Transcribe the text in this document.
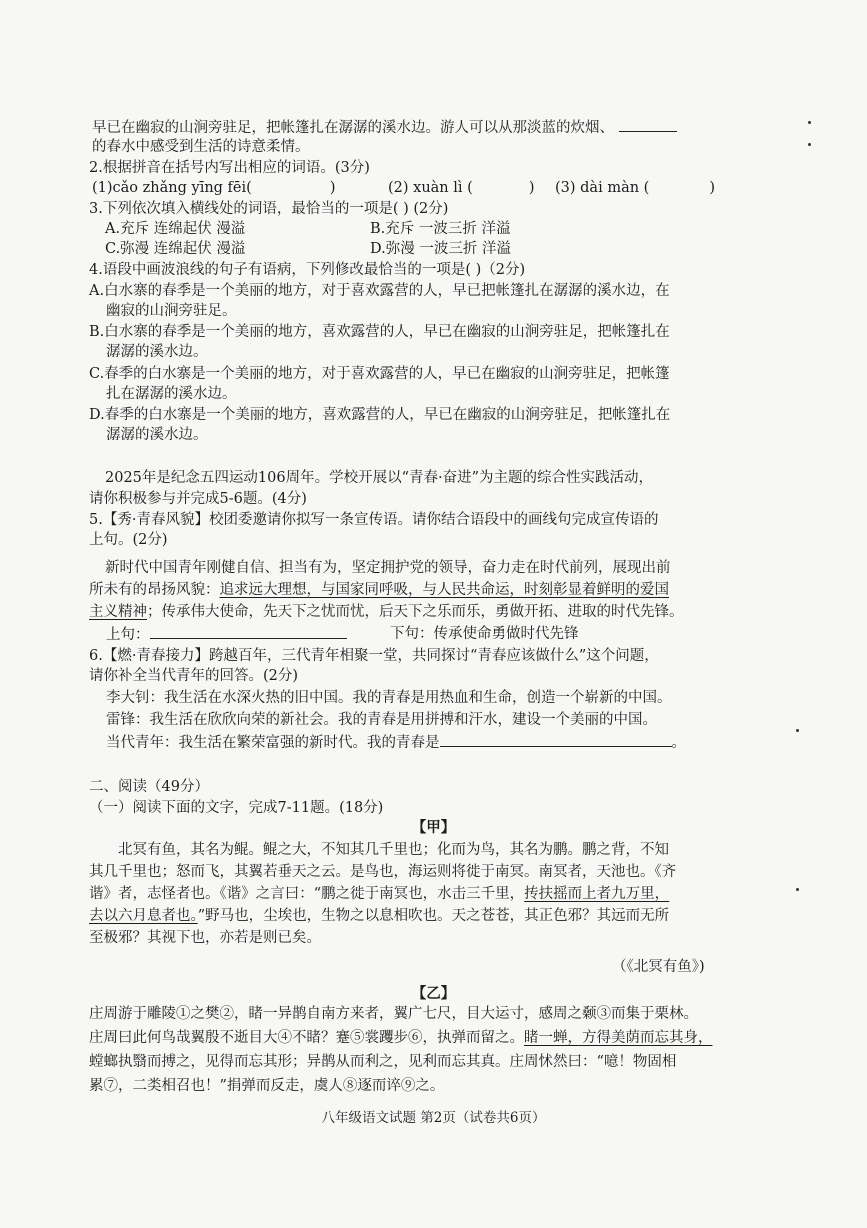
早已在幽寂的山涧旁驻足，把帐篷扎在潺潺的溪水边。游人可以从那淡蓝的炊烟、
的春水中感受到生活的诗意柔情。
2.根据拼音在括号内写出相应的词语。(3分)
(1)cǎo zhǎng yīng fēi(	)	(2) xuàn lì (	) (3) dài màn (	)
3.下列依次填入横线处的词语，最恰当的一项是( ) (2分)
A.充斥 连绵起伏 漫溢	B.充斥 一波三折 洋溢
C.弥漫 连绵起伏 漫溢	D.弥漫 一波三折 洋溢
4.语段中画波浪线的句子有语病，下列修改最恰当的一项是( )（2分)
A.白水寨的春季是一个美丽的地方，对于喜欢露营的人，早已把帐篷扎在潺潺的溪水边，在
幽寂的山涧旁驻足。
B.白水寨的春季是一个美丽的地方，喜欢露营的人，早已在幽寂的山涧旁驻足，把帐篷扎在
潺潺的溪水边。
C.春季的白水寨是一个美丽的地方，对于喜欢露营的人，早已在幽寂的山涧旁驻足，把帐篷
扎在潺潺的溪水边。
D.春季的白水寨是一个美丽的地方，喜欢露营的人，早已在幽寂的山涧旁驻足，把帐篷扎在
潺潺的溪水边。
2025年是纪念五四运动106周年。学校开展以“青春·奋进”为主题的综合性实践活动，
请你积极参与并完成5-6题。(4分)
5.【秀·青春风貌】校团委邀请你拟写一条宣传语。请你结合语段中的画线句完成宣传语的
上句。(2分)
新时代中国青年刚健自信、担当有为，坚定拥护党的领导，奋力走在时代前列，展现出前
所未有的昂扬风貌：追求远大理想，与国家同呼吸，与人民共命运，时刻彰显着鲜明的爱国
主义精神；传承伟大使命，先天下之忧而忧，后天下之乐而乐，勇做开拓、进取的时代先锋。
上句：	下句：传承使命勇做时代先锋
6.【燃·青春接力】跨越百年，三代青年相聚一堂，共同探讨“青春应该做什么”这个问题，
请你补全当代青年的回答。(2分)
李大钊：我生活在水深火热的旧中国。我的青春是用热血和生命，创造一个崭新的中国。
雷锋：我生活在欣欣向荣的新社会。我的青春是用拼搏和汗水，建设一个美丽的中国。
当代青年：我生活在繁荣富强的新时代。我的青春是	。
二、阅读（49分）
（一）阅读下面的文字，完成7-11题。(18分)
【甲】
北冥有鱼，其名为鲲。鲲之大，不知其几千里也；化而为鸟，其名为鹏。鹏之背，不知
其几千里也；怒而飞，其翼若垂天之云。是鸟也，海运则将徙于南冥。南冥者，天池也。《齐
谐》者，志怪者也。《谐》之言曰：“鹏之徙于南冥也，水击三千里，抟扶摇而上者九万里，
去以六月息者也。”野马也，尘埃也，生物之以息相吹也。天之苍苍，其正色邪？其远而无所
至极邪？其视下也，亦若是则已矣。
（《北冥有鱼》)
【乙】
庄周游于雕陵①之樊②，睹一异鹊自南方来者，翼广七尺，目大运寸，感周之颡③而集于栗林。
庄周曰此何鸟哉翼殷不逝目大④不睹？蹇⑤裳躩步⑥，执弹而留之。睹一蝉，方得美荫而忘其身，
螳螂执翳而搏之，见得而忘其形；异鹊从而利之，见利而忘其真。庄周怵然曰：“噫！物固相
累⑦，二类相召也！”捐弹而反走，虞人⑧逐而谇⑨之。
八年级语文试题 第2页（试卷共6页）
